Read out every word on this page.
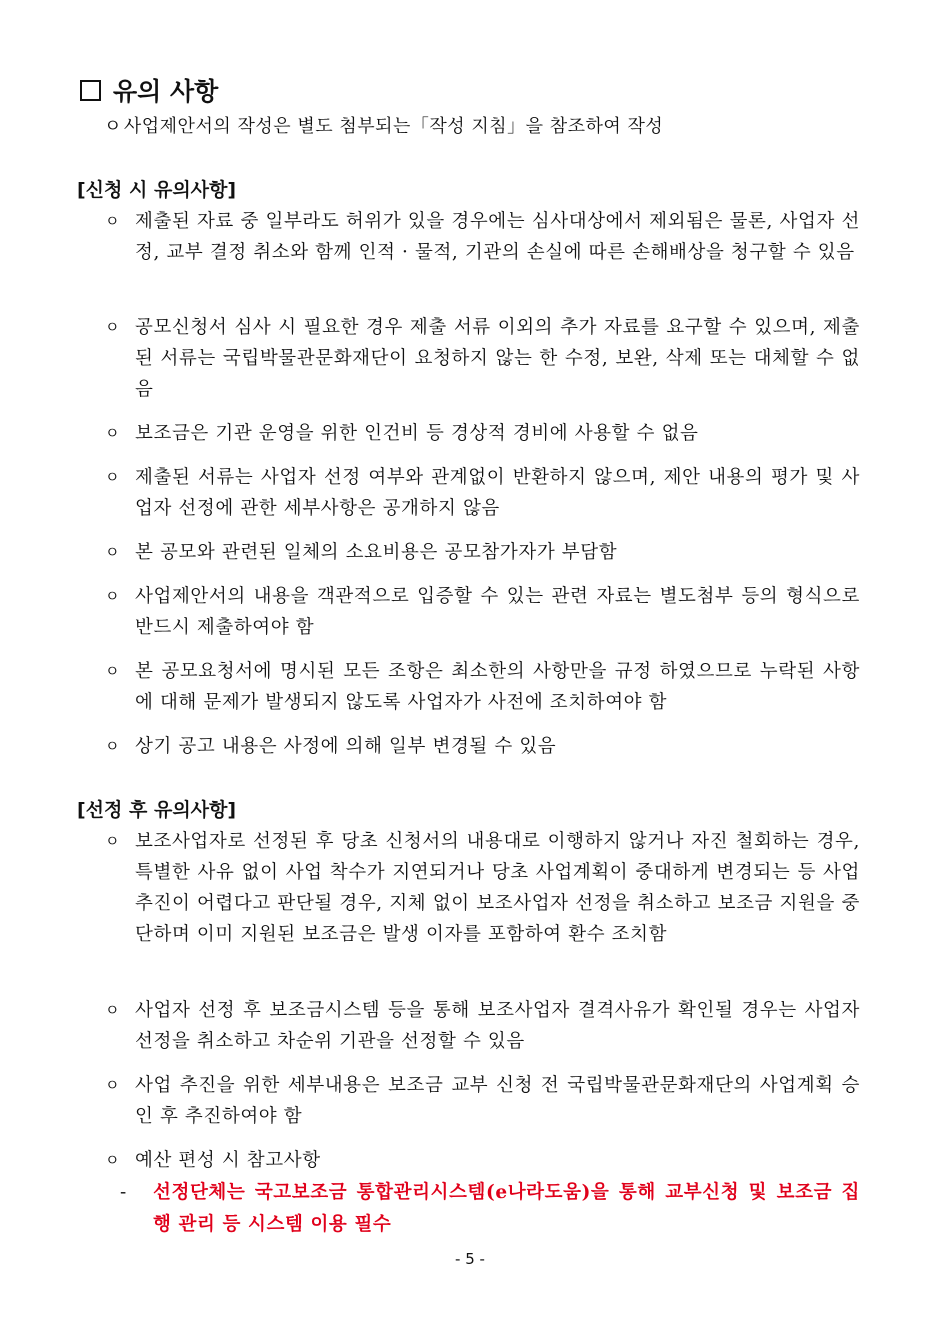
유의 사항
ㅇ 사업제안서의 작성은 별도 첨부되는「작성 지침」을 참조하여 작성
[신청 시 유의사항]
ㅇ 제출된 자료 중 일부라도 허위가 있을 경우에는 심사대상에서 제외됨은 물론, 사업자 선정, 교부 결정 취소와 함께 인적 · 물적, 기관의 손실에 따른 손해배상을 청구할 수 있음
ㅇ 공모신청서 심사 시 필요한 경우 제출 서류 이외의 추가 자료를 요구할 수 있으며, 제출된 서류는 국립박물관문화재단이 요청하지 않는 한 수정, 보완, 삭제 또는 대체할 수 없음
ㅇ 보조금은 기관 운영을 위한 인건비 등 경상적 경비에 사용할 수 없음
ㅇ 제출된 서류는 사업자 선정 여부와 관계없이 반환하지 않으며, 제안 내용의 평가 및 사업자 선정에 관한 세부사항은 공개하지 않음
ㅇ 본 공모와 관련된 일체의 소요비용은 공모참가자가 부담함
ㅇ 사업제안서의 내용을 객관적으로 입증할 수 있는 관련 자료는 별도첨부 등의 형식으로 반드시 제출하여야 함
ㅇ 본 공모요청서에 명시된 모든 조항은 최소한의 사항만을 규정 하였으므로 누락된 사항에 대해 문제가 발생되지 않도록 사업자가 사전에 조치하여야 함
ㅇ 상기 공고 내용은 사정에 의해 일부 변경될 수 있음
[선정 후 유의사항]
ㅇ 보조사업자로 선정된 후 당초 신청서의 내용대로 이행하지 않거나 자진 철회하는 경우, 특별한 사유 없이 사업 착수가 지연되거나 당초 사업계획이 중대하게 변경되는 등 사업추진이 어렵다고 판단될 경우, 지체 없이 보조사업자 선정을 취소하고 보조금 지원을 중단하며 이미 지원된 보조금은 발생 이자를 포함하여 환수 조치함
ㅇ 사업자 선정 후 보조금시스템 등을 통해 보조사업자 결격사유가 확인될 경우는 사업자 선정을 취소하고 차순위 기관을 선정할 수 있음
ㅇ 사업 추진을 위한 세부내용은 보조금 교부 신청 전 국립박물관문화재단의 사업계획 승인 후 추진하여야 함
ㅇ 예산 편성 시 참고사항
- 선정단체는 국고보조금 통합관리시스템(e나라도움)을 통해 교부신청 및 보조금 집행 관리 등 시스템 이용 필수
- 5 -
